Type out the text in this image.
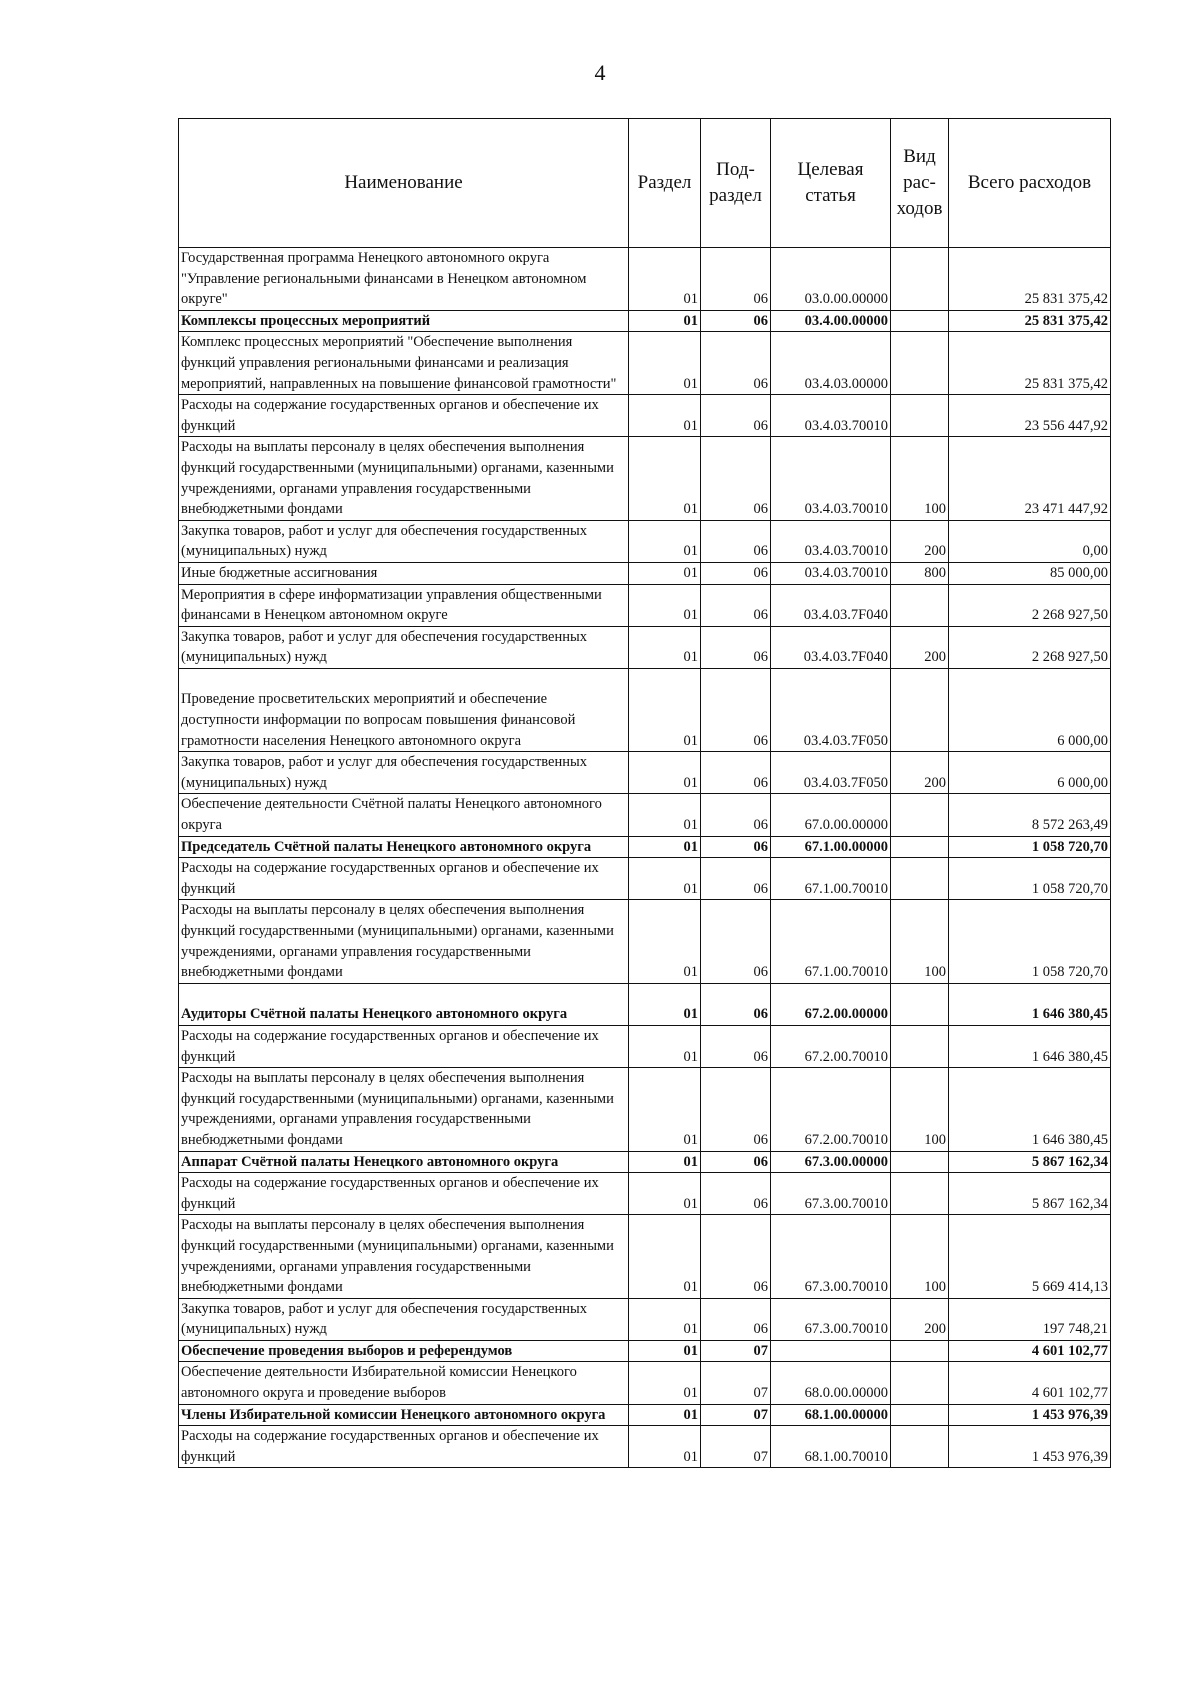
4
Наименование	Раздел	Под-раздел	Целевая статья	Вид рас-ходов	Всего расходов
Государственная программа Ненецкого автономного округа "Управление региональными финансами в Ненецком автономном округе"	01	06	03.0.00.00000		25 831 375,42
Комплексы процессных мероприятий	01	06	03.4.00.00000		25 831 375,42
Комплекс процессных мероприятий "Обеспечение выполнения функций управления региональными финансами и реализация мероприятий, направленных на повышение финансовой грамотности"	01	06	03.4.03.00000		25 831 375,42
Расходы на содержание государственных органов и обеспечение их функций	01	06	03.4.03.70010		23 556 447,92
Расходы на выплаты персоналу в целях обеспечения выполнения функций государственными (муниципальными) органами, казенными учреждениями, органами управления государственными внебюджетными фондами	01	06	03.4.03.70010	100	23 471 447,92
Закупка товаров, работ и услуг для обеспечения государственных (муниципальных) нужд	01	06	03.4.03.70010	200	0,00
Иные бюджетные ассигнования	01	06	03.4.03.70010	800	85 000,00
Мероприятия в сфере информатизации управления общественными финансами в Ненецком автономном округе	01	06	03.4.03.7F040		2 268 927,50
Закупка товаров, работ и услуг для обеспечения государственных (муниципальных) нужд	01	06	03.4.03.7F040	200	2 268 927,50

Проведение просветительских мероприятий и обеспечение доступности информации по вопросам повышения финансовой грамотности населения Ненецкого автономного округа	01	06	03.4.03.7F050		6 000,00
Закупка товаров, работ и услуг для обеспечения государственных (муниципальных) нужд	01	06	03.4.03.7F050	200	6 000,00
Обеспечение деятельности Счётной палаты Ненецкого автономного округа	01	06	67.0.00.00000		8 572 263,49
Председатель Счётной палаты Ненецкого автономного округа	01	06	67.1.00.00000		1 058 720,70
Расходы на содержание государственных органов и обеспечение их функций	01	06	67.1.00.70010		1 058 720,70
Расходы на выплаты персоналу в целях обеспечения выполнения функций государственными (муниципальными) органами, казенными учреждениями, органами управления государственными внебюджетными фондами	01	06	67.1.00.70010	100	1 058 720,70

Аудиторы Счётной палаты Ненецкого автономного округа	01	06	67.2.00.00000		1 646 380,45
Расходы на содержание государственных органов и обеспечение их функций	01	06	67.2.00.70010		1 646 380,45
Расходы на выплаты персоналу в целях обеспечения выполнения функций государственными (муниципальными) органами, казенными учреждениями, органами управления государственными внебюджетными фондами	01	06	67.2.00.70010	100	1 646 380,45
Аппарат Счётной палаты Ненецкого автономного округа	01	06	67.3.00.00000		5 867 162,34
Расходы на содержание государственных органов и обеспечение их функций	01	06	67.3.00.70010		5 867 162,34
Расходы на выплаты персоналу в целях обеспечения выполнения функций государственными (муниципальными) органами, казенными учреждениями, органами управления государственными внебюджетными фондами	01	06	67.3.00.70010	100	5 669 414,13
Закупка товаров, работ и услуг для обеспечения государственных (муниципальных) нужд	01	06	67.3.00.70010	200	197 748,21
Обеспечение проведения выборов и референдумов	01	07			4 601 102,77
Обеспечение деятельности Избирательной комиссии Ненецкого автономного округа и проведение выборов	01	07	68.0.00.00000		4 601 102,77
Члены Избирательной комиссии Ненецкого автономного округа	01	07	68.1.00.00000		1 453 976,39
Расходы на содержание государственных органов и обеспечение их функций	01	07	68.1.00.70010		1 453 976,39
